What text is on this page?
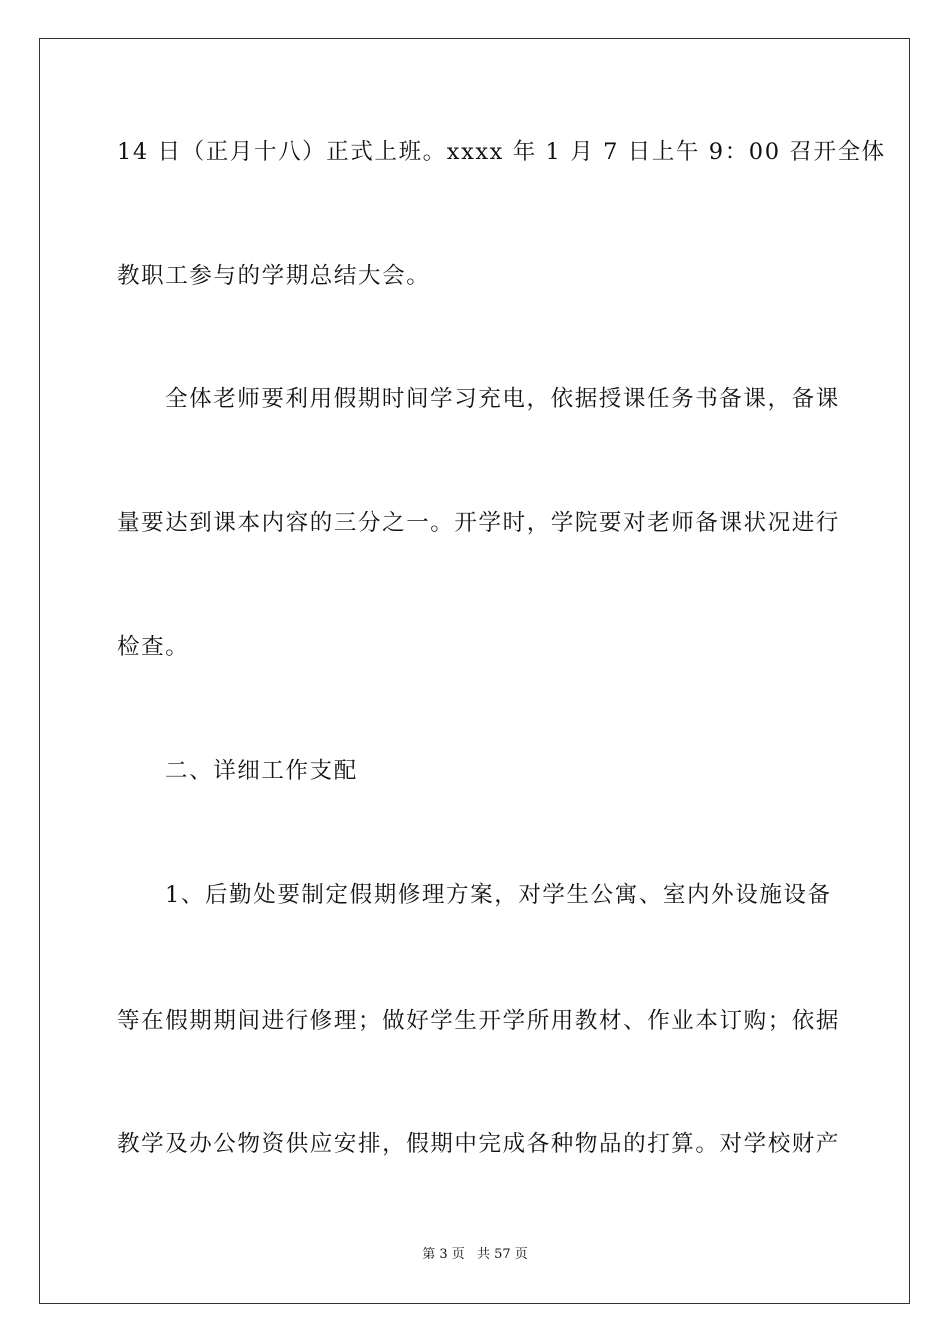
14 日（正月十八）正式上班。xxxx 年 1 月 7 日上午 9：00 召开全体
教职工参与的学期总结大会。
全体老师要利用假期时间学习充电，依据授课任务书备课，备课
量要达到课本内容的三分之一。开学时，学院要对老师备课状况进行
检查。
二、详细工作支配
1、后勤处要制定假期修理方案，对学生公寓、室内外设施设备
等在假期期间进行修理；做好学生开学所用教材、作业本订购；依据
教学及办公物资供应安排，假期中完成各种物品的打算。对学校财产
第 3 页 共 57 页
